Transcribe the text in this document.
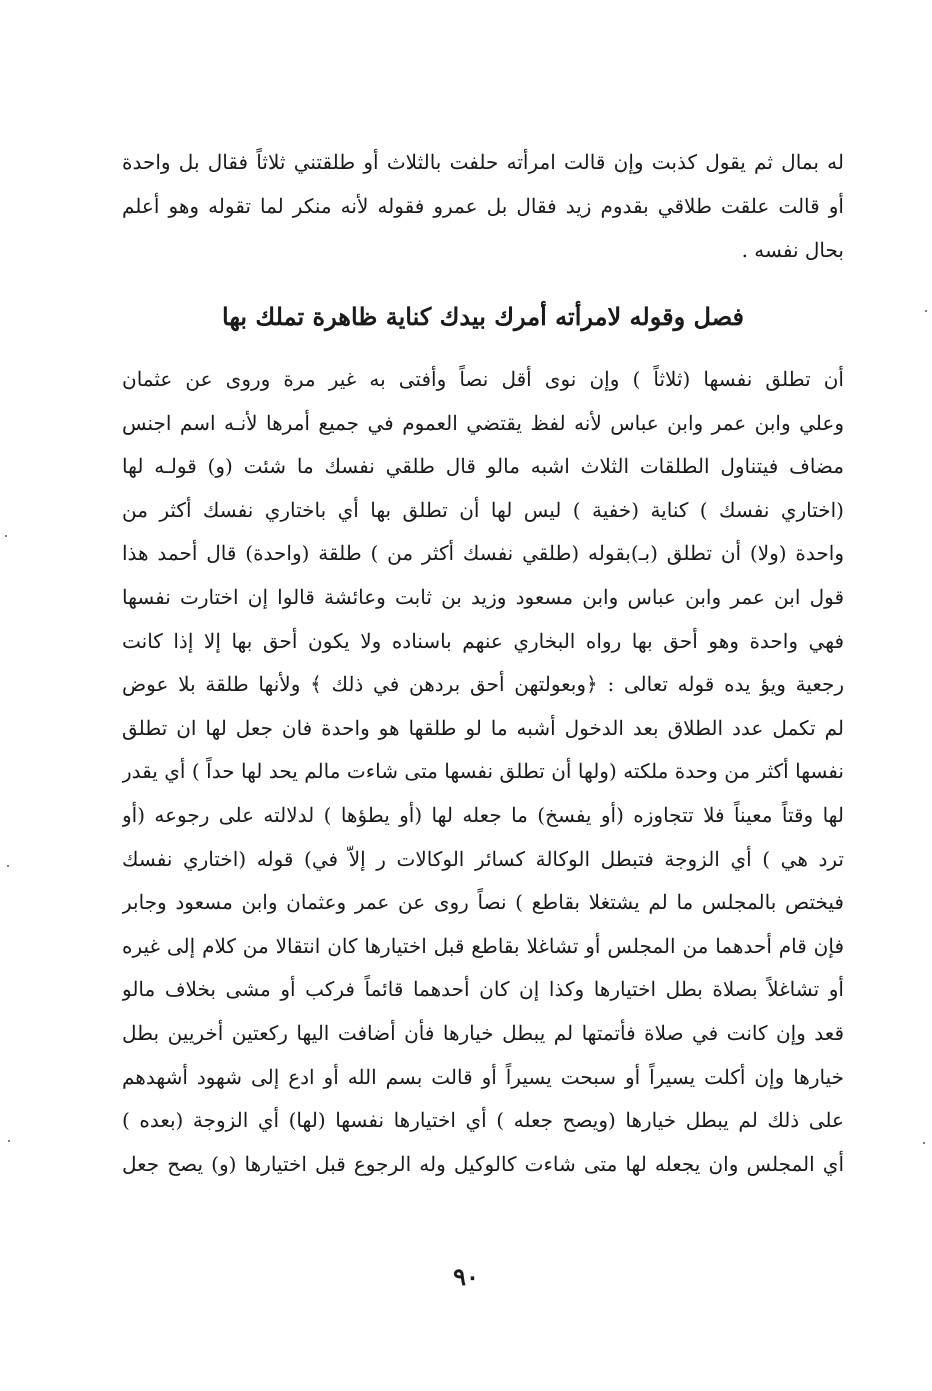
له بمال ثم يقول كذبت وإن قالت امرأته حلفت بالثلاث أو طلقتني ثلاثاً فقال بل واحدة
أو قالت علقت طلاقي بقدوم زيد فقال بل عمرو فقوله لأنه منكر لما تقوله وهو أعلم
بحال نفسه .
فصل وقوله لامرأته أمرك بيدك كناية ظاهرة تملك بها
أن تطلق نفسها (ثلاثاً ) وإن نوى أقل نصاً وأفتى به غير مرة وروى عن عثمان
وعلي وابن عمر وابن عباس لأنه لفظ يقتضي العموم في جميع أمرها لأنـه اسم اجنس
مضاف فيتناول الطلقات الثلاث اشبه مالو قال طلقي نفسك ما شئت (و) قولـه لها
(اختاري نفسك ) كناية (خفية ) ليس لها أن تطلق بها أي باختاري نفسك أكثر من
واحدة (ولا) أن تطلق (بـ)بقوله (طلقي نفسك أكثر من ) طلقة (واحدة) قال أحمد هذا
قول ابن عمر وابن عباس وابن مسعود وزيد بن ثابت وعائشة قالوا إن اختارت نفسها
فهي واحدة وهو أحق بها رواه البخاري عنهم باسناده ولا يكون أحق بها إلا إذا كانت
رجعية ويؤ يده قوله تعالى : ﴿وبعولتهن أحق بردهن في ذلك ﴾ ولأنها طلقة بلا عوض
لم تكمل عدد الطلاق بعد الدخول أشبه ما لو طلقها هو واحدة فان جعل لها ان تطلق
نفسها أكثر من وحدة ملكته (ولها أن تطلق نفسها متى شاءت مالم يحد لها حداً ) أي يقدر
لها وقتاً معيناً فلا تتجاوزه (أو يفسخ) ما جعله لها (أو يطؤها ) لدلالته على رجوعه (أو
ترد هي ) أي الزوجة فتبطل الوكالة كسائر الوكالات ر إلاّ في) قوله (اختاري نفسك
فيختص بالمجلس ما لم يشتغلا بقاطع ) نصاً روى عن عمر وعثمان وابن مسعود وجابر
فإن قام أحدهما من المجلس أو تشاغلا بقاطع قبل اختيارها كان انتقالا من كلام إلى غيره
أو تشاغلاً بصلاة بطل اختيارها وكذا إن كان أحدهما قائماً فركب أو مشى بخلاف مالو
قعد وإن كانت في صلاة فأتمتها لم يبطل خيارها فأن أضافت اليها ركعتين أخريين بطل
خيارها وإن أكلت يسيراً أو سبحت يسيراً أو قالت بسم الله أو ادع إلى شهود أشهدهم
على ذلك لم يبطل خيارها (ويصح جعله ) أي اختيارها نفسها (لها) أي الزوجة (بعده )
أي المجلس وان يجعله لها متى شاءت كالوكيل وله الرجوع قبل اختيارها (و) يصح جعل
٩٠
